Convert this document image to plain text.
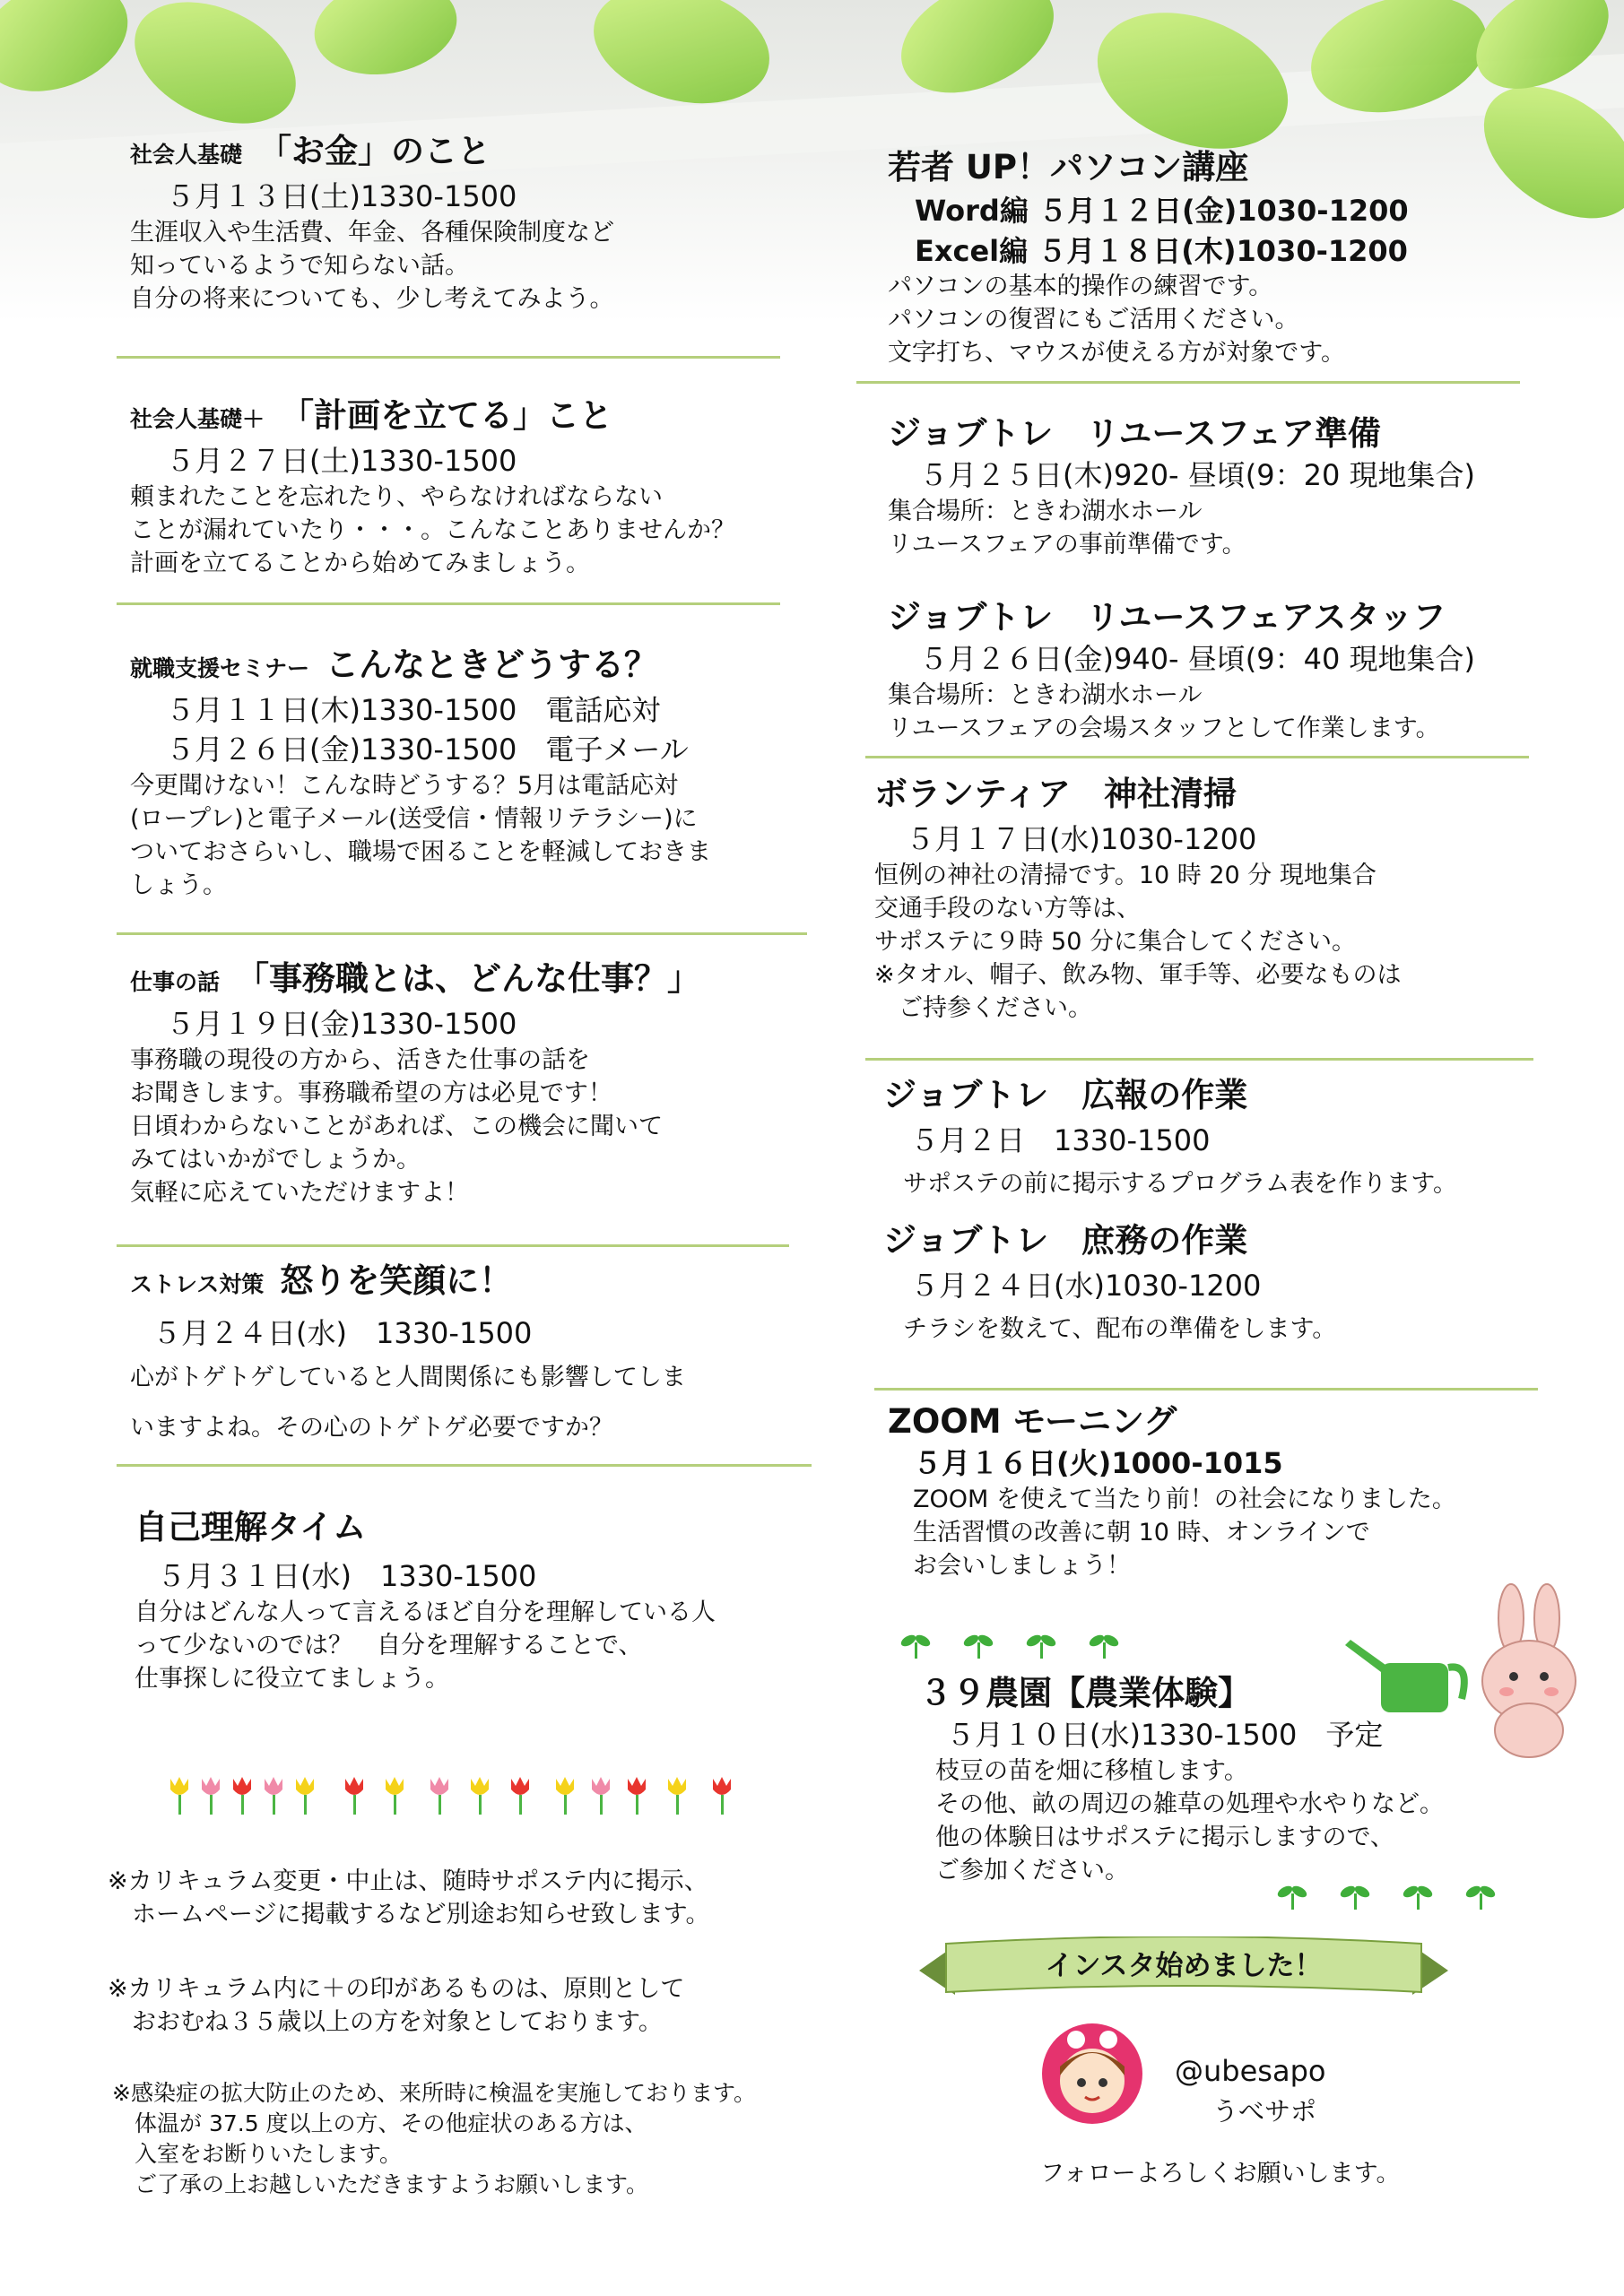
社会人基礎 「お金」のこと
５月１３日(土)1330-1500
生涯収入や生活費、年金、各種保険制度など
知っているようで知らない話。
自分の将来についても、少し考えてみよう。
社会人基礎＋ 「計画を立てる」こと
５月２７日(土)1330-1500
頼まれたことを忘れたり、やらなければならない
ことが漏れていたり・・・。こんなことありませんか？
計画を立てることから始めてみましょう。
就職支援セミナー こんなときどうする？
５月１１日(木)1330-1500　電話応対
５月２６日(金)1330-1500　電子メール
今更聞けない！こんな時どうする？5月は電話応対
(ロープレ)と電子メール(送受信・情報リテラシー)に
ついておさらいし、職場で困ることを軽減しておきま
しょう。
仕事の話 「事務職とは、どんな仕事？」
５月１９日(金)1330-1500
事務職の現役の方から、活きた仕事の話を
お聞きします。事務職希望の方は必見です！
日頃わからないことがあれば、この機会に聞いて
みてはいかがでしょうか。
気軽に応えていただけますよ！
ストレス対策 怒りを笑顔に！
５月２４日(水)　1330-1500
心がトゲトゲしていると人間関係にも影響してしま
いますよね。その心のトゲトゲ必要ですか？
自己理解タイム
５月３１日(水)　1330-1500
自分はどんな人って言えるほど自分を理解している人
って少ないのでは？　自分を理解することで、
仕事探しに役立てましょう。
※カリキュラム変更・中止は、随時サポステ内に掲示、
　ホームページに掲載するなど別途お知らせ致します。
※カリキュラム内に＋の印があるものは、原則として
　おおむね３５歳以上の方を対象としております。
※感染症の拡大防止のため、来所時に検温を実施しております。
　体温が 37.5 度以上の方、その他症状のある方は、
　入室をお断りいたします。
　ご了承の上お越しいただきますようお願いします。
若者 UP！パソコン講座
Word編 ５月１２日(金)1030-1200
Excel編 ５月１８日(木)1030-1200
パソコンの基本的操作の練習です。
パソコンの復習にもご活用ください。
文字打ち、マウスが使える方が対象です。
ジョブトレ　リユースフェア準備
５月２５日(木)920- 昼頃(9：20 現地集合)
集合場所：ときわ湖水ホール
リユースフェアの事前準備です。
ジョブトレ　リユースフェアスタッフ
５月２６日(金)940- 昼頃(9：40 現地集合)
集合場所：ときわ湖水ホール
リユースフェアの会場スタッフとして作業します。
ボランティア　神社清掃
５月１７日(水)1030-1200
恒例の神社の清掃です。10 時 20 分 現地集合
交通手段のない方等は、
サポステに９時 50 分に集合してください。
※タオル、帽子、飲み物、軍手等、必要なものは
　ご持参ください。
ジョブトレ　広報の作業
５月２日　1330-1500
サポステの前に掲示するプログラム表を作ります。
ジョブトレ　庶務の作業
５月２４日(水)1030-1200
チラシを数えて、配布の準備をします。
ZOOM モーニング
５月１６日(火)1000-1015
ZOOM を使えて当たり前！の社会になりました。
生活習慣の改善に朝 10 時、オンラインで
お会いしましょう！
３９農園【農業体験】
５月１０日(水)1330-1500　予定
枝豆の苗を畑に移植します。
その他、畝の周辺の雑草の処理や水やりなど。
他の体験日はサポステに掲示しますので、
ご参加ください。
インスタ始めました！
@ubesapo
うべサポ
フォローよろしくお願いします。
